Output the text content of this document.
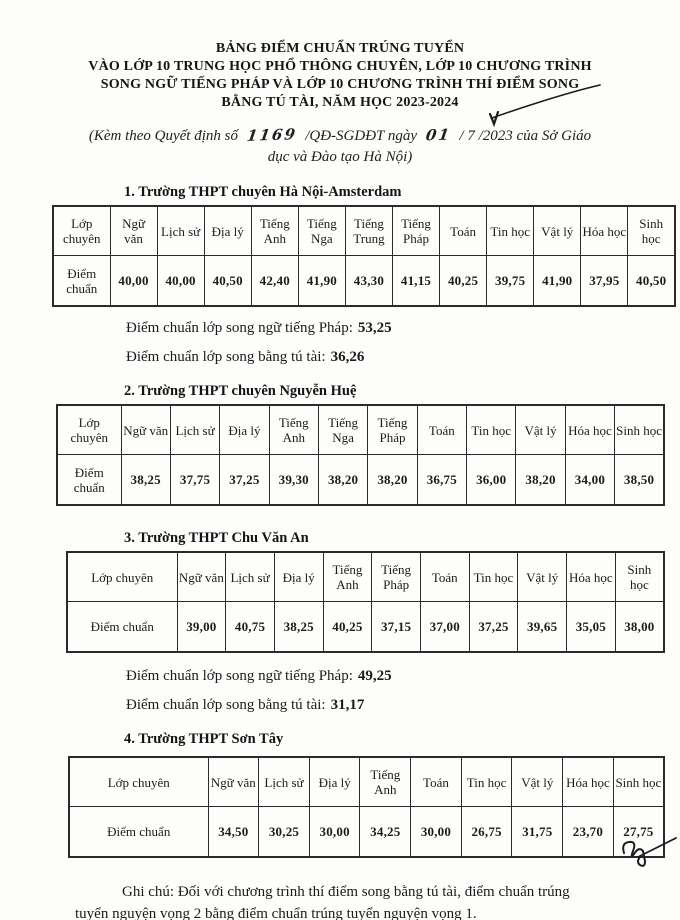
BẢNG ĐIỂM CHUẨN TRÚNG TUYỂN
VÀO LỚP 10 TRUNG HỌC PHỔ THÔNG CHUYÊN, LỚP 10 CHƯƠNG TRÌNH
SONG NGỮ TIẾNG PHÁP VÀ LỚP 10 CHƯƠNG TRÌNH THÍ ĐIỂM SONG
BẰNG TÚ TÀI, NĂM HỌC 2023-2024
(Kèm theo Quyết định số 1169 /QĐ-SGDĐT ngày 01 / 7 /2023 của Sở Giáo
dục và Đào tạo Hà Nội)
1. Trường THPT chuyên Hà Nội-Amsterdam
Lớp chuyên	Ngữ văn	Lịch sử	Địa lý	Tiếng Anh	Tiếng Nga	Tiếng Trung	Tiếng Pháp	Toán	Tin học	Vật lý	Hóa học	Sinh học
Điểm chuẩn	40,00	40,00	40,50	42,40	41,90	43,30	41,15	40,25	39,75	41,90	37,95	40,50
Điểm chuẩn lớp song ngữ tiếng Pháp: 53,25
Điểm chuẩn lớp song bằng tú tài: 36,26
2. Trường THPT chuyên Nguyễn Huệ
Lớp chuyên	Ngữ văn	Lịch sử	Địa lý	Tiếng Anh	Tiếng Nga	Tiếng Pháp	Toán	Tin học	Vật lý	Hóa học	Sinh học
Điểm chuẩn	38,25	37,75	37,25	39,30	38,20	38,20	36,75	36,00	38,20	34,00	38,50
3. Trường THPT Chu Văn An
Lớp chuyên	Ngữ văn	Lịch sử	Địa lý	Tiếng Anh	Tiếng Pháp	Toán	Tin học	Vật lý	Hóa học	Sinh học
Điểm chuẩn	39,00	40,75	38,25	40,25	37,15	37,00	37,25	39,65	35,05	38,00
Điểm chuẩn lớp song ngữ tiếng Pháp: 49,25
Điểm chuẩn lớp song bằng tú tài: 31,17
4. Trường THPT Sơn Tây
Lớp chuyên	Ngữ văn	Lịch sử	Địa lý	Tiếng Anh	Toán	Tin học	Vật lý	Hóa học	Sinh học
Điểm chuẩn	34,50	30,25	30,00	34,25	30,00	26,75	31,75	23,70	27,75
Ghi chú: Đối với chương trình thí điểm song bằng tú tài, điểm chuẩn trúng
tuyển nguyện vọng 2 bằng điểm chuẩn trúng tuyển nguyện vọng 1.
